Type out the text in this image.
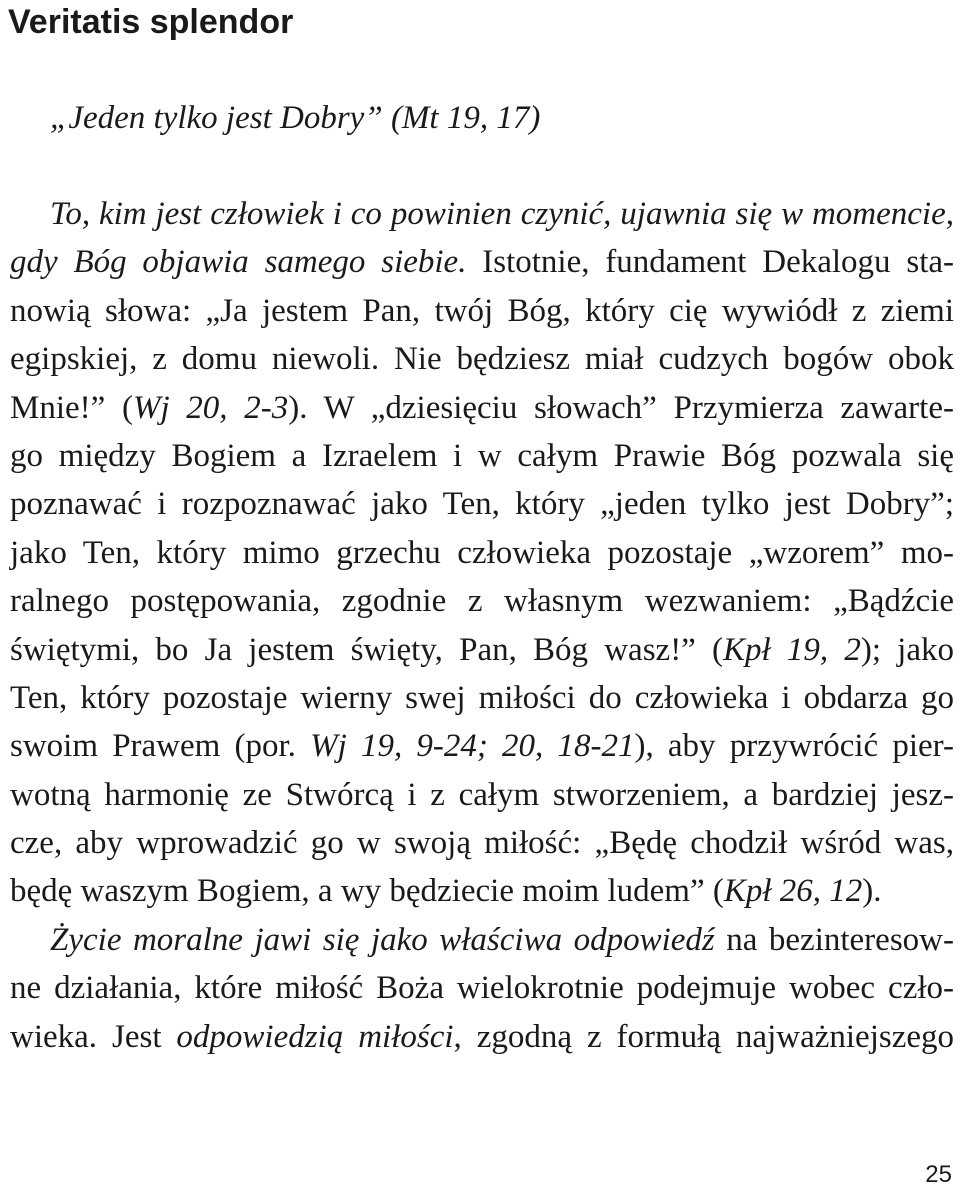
Veritatis splendor
„Jeden tylko jest Dobry” (Mt 19, 17)
To, kim jest człowiek i co powinien czynić, ujawnia się w momencie,
gdy Bóg objawia samego siebie. Istotnie, fundament Dekalogu sta-
nowią słowa: „Ja jestem Pan, twój Bóg, który cię wywiódł z ziemi
egipskiej, z domu niewoli. Nie będziesz miał cudzych bogów obok
Mnie!” (Wj 20, 2-3). W „dziesięciu słowach” Przymierza zawarte-
go między Bogiem a Izraelem i w całym Prawie Bóg pozwala się
poznawać i rozpoznawać jako Ten, który „jeden tylko jest Dobry”;
jako Ten, który mimo grzechu człowieka pozostaje „wzorem” mo-
ralnego postępowania, zgodnie z własnym wezwaniem: „Bądźcie
świętymi, bo Ja jestem święty, Pan, Bóg wasz!” (Kpł 19, 2); jako
Ten, który pozostaje wierny swej miłości do człowieka i obdarza go
swoim Prawem (por. Wj 19, 9-24; 20, 18-21), aby przywrócić pier-
wotną harmonię ze Stwórcą i z całym stworzeniem, a bardziej jesz-
cze, aby wprowadzić go w swoją miłość: „Będę chodził wśród was,
będę waszym Bogiem, a wy będziecie moim ludem” (Kpł 26, 12).
Życie moralne jawi się jako właściwa odpowiedź na bezinteresow-
ne działania, które miłość Boża wielokrotnie podejmuje wobec czło-
wieka. Jest odpowiedzią miłości, zgodną z formułą najważniejszego
25
